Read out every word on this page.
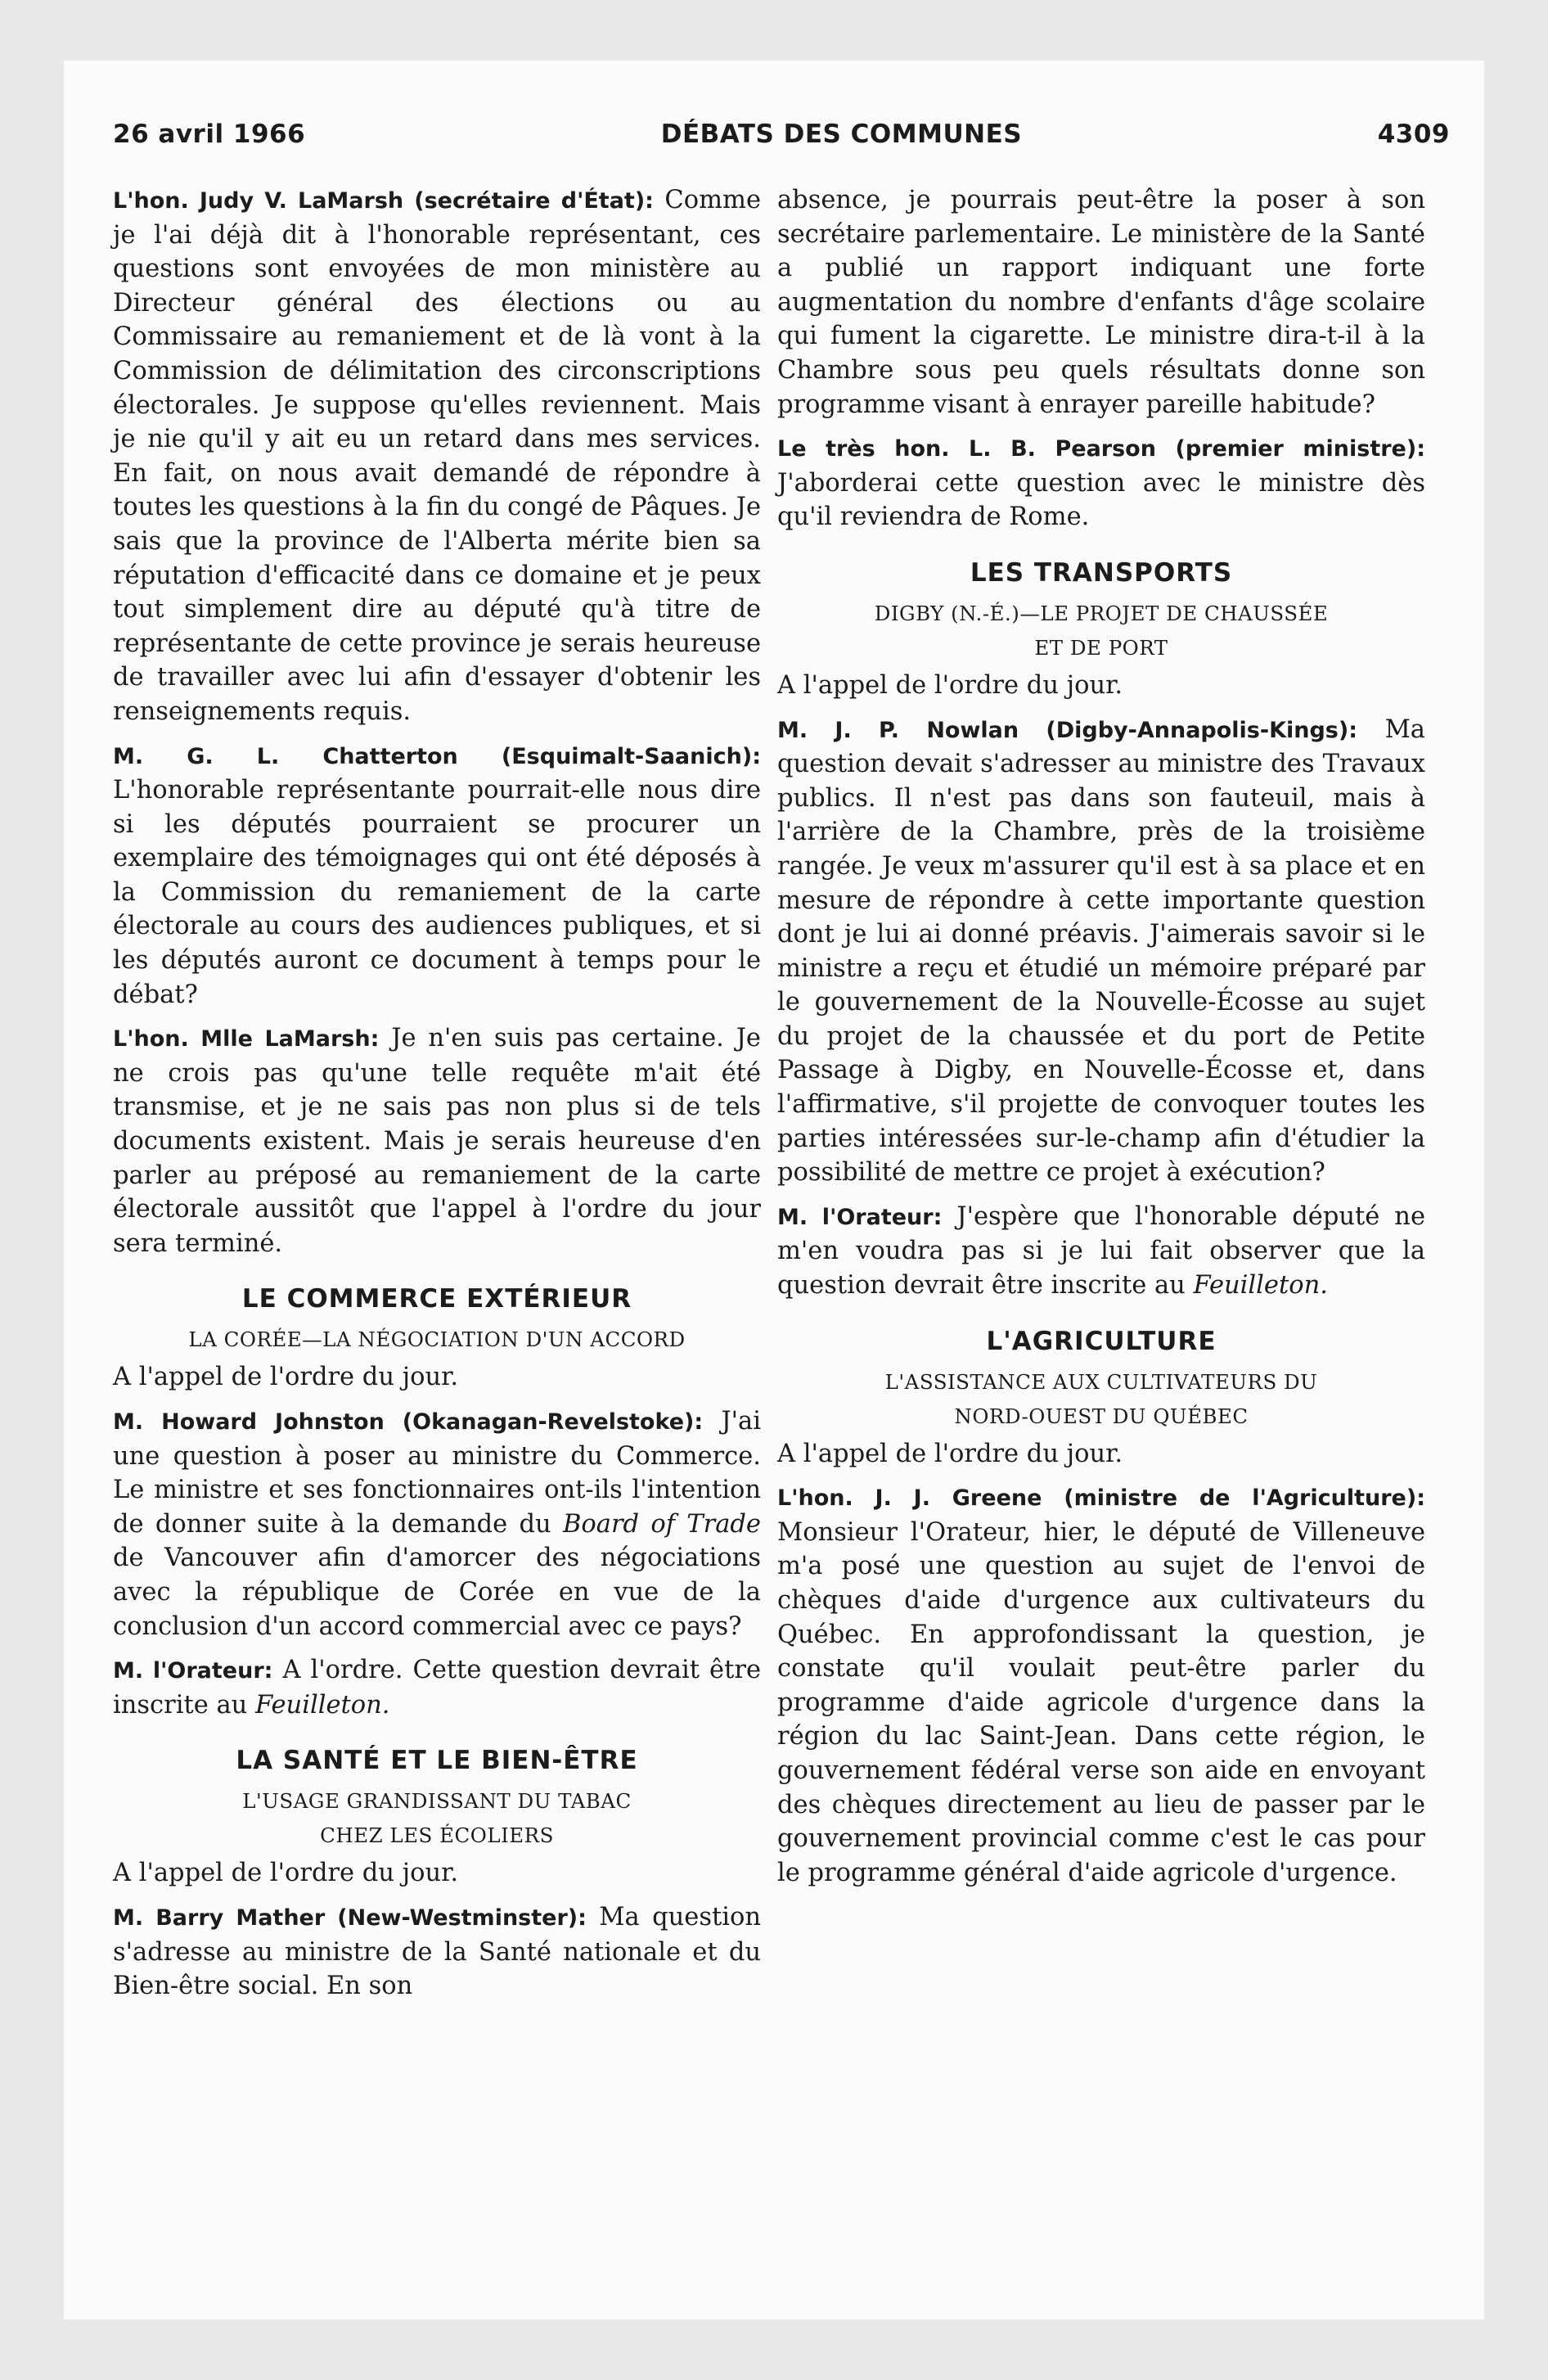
26 avril 1966	DÉBATS DES COMMUNES	4309

L'hon. Judy V. LaMarsh (secrétaire d'État): Comme je l'ai déjà dit à l'honorable représentant, ces questions sont envoyées de mon ministère au Directeur général des élections ou au Commissaire au remaniement et de là vont à la Commission de délimitation des circonscriptions électorales. Je suppose qu'elles reviennent. Mais je nie qu'il y ait eu un retard dans mes services. En fait, on nous avait demandé de répondre à toutes les questions à la fin du congé de Pâques. Je sais que la province de l'Alberta mérite bien sa réputation d'efficacité dans ce domaine et je peux tout simplement dire au député qu'à titre de représentante de cette province je serais heureuse de travailler avec lui afin d'essayer d'obtenir les renseignements requis.

M. G. L. Chatterton (Esquimalt-Saanich): L'honorable représentante pourrait-elle nous dire si les députés pourraient se procurer un exemplaire des témoignages qui ont été déposés à la Commission du remaniement de la carte électorale au cours des audiences publiques, et si les députés auront ce document à temps pour le débat?

L'hon. Mlle LaMarsh: Je n'en suis pas certaine. Je ne crois pas qu'une telle requête m'ait été transmise, et je ne sais pas non plus si de tels documents existent. Mais je serais heureuse d'en parler au préposé au remaniement de la carte électorale aussitôt que l'appel à l'ordre du jour sera terminé.

LE COMMERCE EXTÉRIEUR
LA CORÉE—LA NÉGOCIATION D'UN ACCORD

A l'appel de l'ordre du jour.

M. Howard Johnston (Okanagan-Revelstoke): J'ai une question à poser au ministre du Commerce. Le ministre et ses fonctionnaires ont-ils l'intention de donner suite à la demande du Board of Trade de Vancouver afin d'amorcer des négociations avec la république de Corée en vue de la conclusion d'un accord commercial avec ce pays?

M. l'Orateur: A l'ordre. Cette question devrait être inscrite au Feuilleton.

LA SANTÉ ET LE BIEN-ÊTRE
L'USAGE GRANDISSANT DU TABAC
CHEZ LES ÉCOLIERS

A l'appel de l'ordre du jour.

M. Barry Mather (New-Westminster): Ma question s'adresse au ministre de la Santé nationale et du Bien-être social. En son

absence, je pourrais peut-être la poser à son secrétaire parlementaire. Le ministère de la Santé a publié un rapport indiquant une forte augmentation du nombre d'enfants d'âge scolaire qui fument la cigarette. Le ministre dira-t-il à la Chambre sous peu quels résultats donne son programme visant à enrayer pareille habitude?

Le très hon. L. B. Pearson (premier ministre): J'aborderai cette question avec le ministre dès qu'il reviendra de Rome.

LES TRANSPORTS
DIGBY (N.-É.)—LE PROJET DE CHAUSSÉE
ET DE PORT

A l'appel de l'ordre du jour.

M. J. P. Nowlan (Digby-Annapolis-Kings): Ma question devait s'adresser au ministre des Travaux publics. Il n'est pas dans son fauteuil, mais à l'arrière de la Chambre, près de la troisième rangée. Je veux m'assurer qu'il est à sa place et en mesure de répondre à cette importante question dont je lui ai donné préavis. J'aimerais savoir si le ministre a reçu et étudié un mémoire préparé par le gouvernement de la Nouvelle-Écosse au sujet du projet de la chaussée et du port de Petite Passage à Digby, en Nouvelle-Écosse et, dans l'affirmative, s'il projette de convoquer toutes les parties intéressées sur-le-champ afin d'étudier la possibilité de mettre ce projet à exécution?

M. l'Orateur: J'espère que l'honorable député ne m'en voudra pas si je lui fait observer que la question devrait être inscrite au Feuilleton.

L'AGRICULTURE
L'ASSISTANCE AUX CULTIVATEURS DU
NORD-OUEST DU QUÉBEC

A l'appel de l'ordre du jour.

L'hon. J. J. Greene (ministre de l'Agriculture): Monsieur l'Orateur, hier, le député de Villeneuve m'a posé une question au sujet de l'envoi de chèques d'aide d'urgence aux cultivateurs du Québec. En approfondissant la question, je constate qu'il voulait peut-être parler du programme d'aide agricole d'urgence dans la région du lac Saint-Jean. Dans cette région, le gouvernement fédéral verse son aide en envoyant des chèques directement au lieu de passer par le gouvernement provincial comme c'est le cas pour le programme général d'aide agricole d'urgence.
